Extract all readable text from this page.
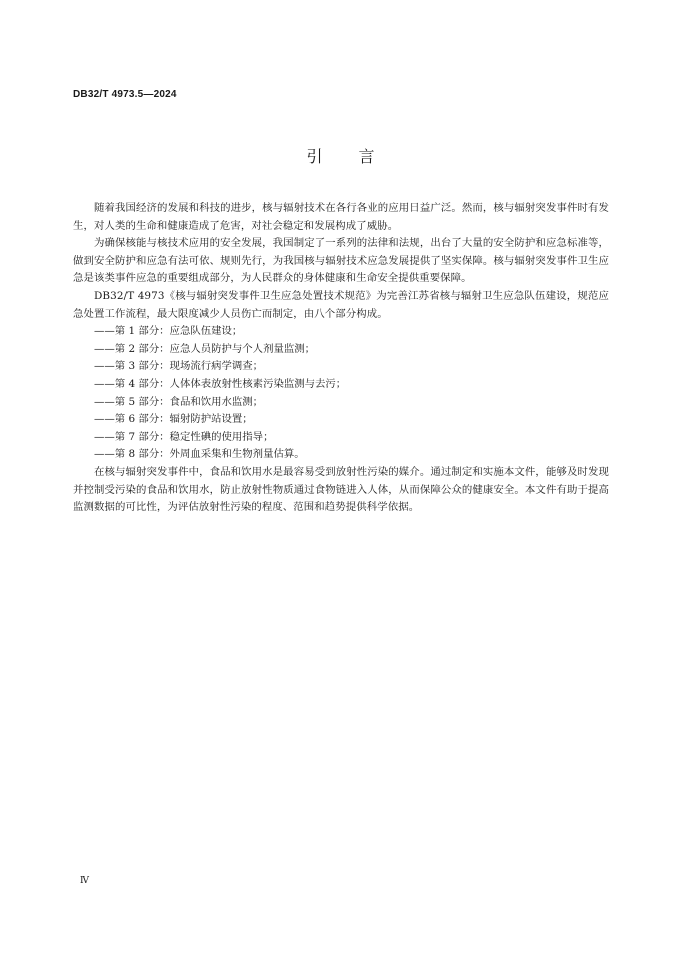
DB32/T 4973.5—2024
引言

随着我国经济的发展和科技的进步，核与辐射技术在各行各业的应用日益广泛。然而，核与辐射突发事件时有发生，对人类的生命和健康造成了危害，对社会稳定和发展构成了威胁。

为确保核能与核技术应用的安全发展，我国制定了一系列的法律和法规，出台了大量的安全防护和应急标准等，做到安全防护和应急有法可依、规则先行，为我国核与辐射技术应急发展提供了坚实保障。核与辐射突发事件卫生应急是该类事件应急的重要组成部分，为人民群众的身体健康和生命安全提供重要保障。

DB32/T 4973《核与辐射突发事件卫生应急处置技术规范》为完善江苏省核与辐射卫生应急队伍建设，规范应急处置工作流程，最大限度减少人员伤亡而制定，由八个部分构成。

——第 1 部分：应急队伍建设；
——第 2 部分：应急人员防护与个人剂量监测；
——第 3 部分：现场流行病学调查；
——第 4 部分：人体体表放射性核素污染监测与去污；
——第 5 部分：食品和饮用水监测；
——第 6 部分：辐射防护站设置；
——第 7 部分：稳定性碘的使用指导；
——第 8 部分：外周血采集和生物剂量估算。

在核与辐射突发事件中，食品和饮用水是最容易受到放射性污染的媒介。通过制定和实施本文件，能够及时发现并控制受污染的食品和饮用水，防止放射性物质通过食物链进入人体，从而保障公众的健康安全。本文件有助于提高监测数据的可比性，为评估放射性污染的程度、范围和趋势提供科学依据。

Ⅳ
